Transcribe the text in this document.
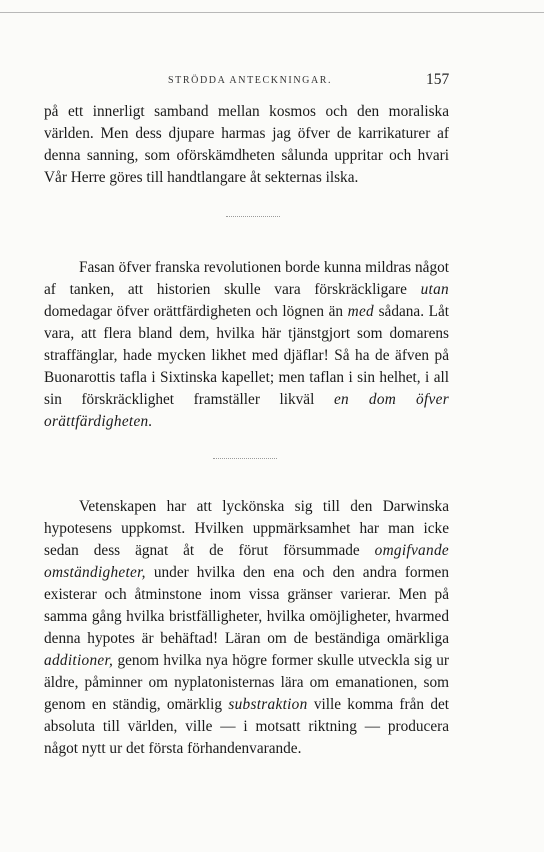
STRÖDDA ANTECKNINGAR.	157

på ett innerligt samband mellan kosmos och den moraliska världen. Men dess djupare harmas jag öfver de karrikaturer af denna sanning, som oförskämdheten sålunda uppritar och hvari Vår Herre göres till handtlangare åt sekternas ilska.

Fasan öfver franska revolutionen borde kunna mildras något af tanken, att historien skulle vara förskräckligare utan domedagar öfver orättfärdigheten och lögnen än med sådana. Låt vara, att flera bland dem, hvilka här tjänstgjort som domarens straffänglar, hade mycken likhet med djäflar! Så ha de äfven på Buonarottis tafla i Sixtinska kapellet; men taflan i sin helhet, i all sin förskräcklighet framställer likväl en dom öfver orättfärdigheten.

Vetenskapen har att lyckönska sig till den Darwinska hypotesens uppkomst. Hvilken uppmärksamhet har man icke sedan dess ägnat åt de förut försummade omgifvande omständigheter, under hvilka den ena och den andra formen existerar och åtminstone inom vissa gränser varierar. Men på samma gång hvilka bristfälligheter, hvilka omöjligheter, hvarmed denna hypotes är behäftad! Läran om de beständiga omärkliga additioner, genom hvilka nya högre former skulle utveckla sig ur äldre, påminner om nyplatonisternas lära om emanationen, som genom en ständig, omärklig substraktion ville komma från det absoluta till världen, ville — i motsatt riktning — producera något nytt ur det första förhandenvarande.
